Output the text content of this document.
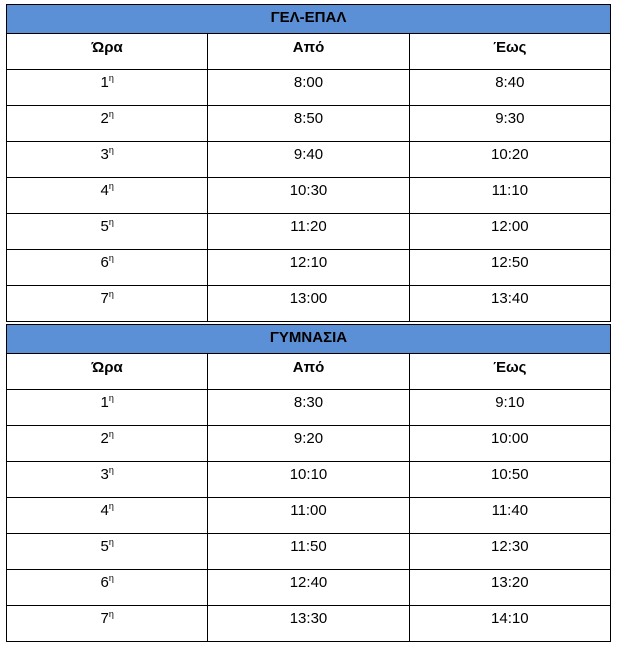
ΓΕΛ-ΕΠΑΛ		
Ώρα	Από	Έως
$1^\eta$	8:00	8:40
$2^\eta$	8:50	9:30
$3^\eta$	9:40	10:20
$4^\eta$	10:30	11:10
$5^\eta$	11:20	12:00
$6^\eta$	12:10	12:50
$7^\eta$	13:00	13:40
ΓΥΜΝΑΣΙΑ		
Ώρα	Από	Έως
$1^\eta$	8:30	9:10
$2^\eta$	9:20	10:00
$3^\eta$	10:10	10:50
$4^\eta$	11:00	11:40
$5^\eta$	11:50	12:30
$6^\eta$	12:40	13:20
$7^\eta$	13:30	14:10
